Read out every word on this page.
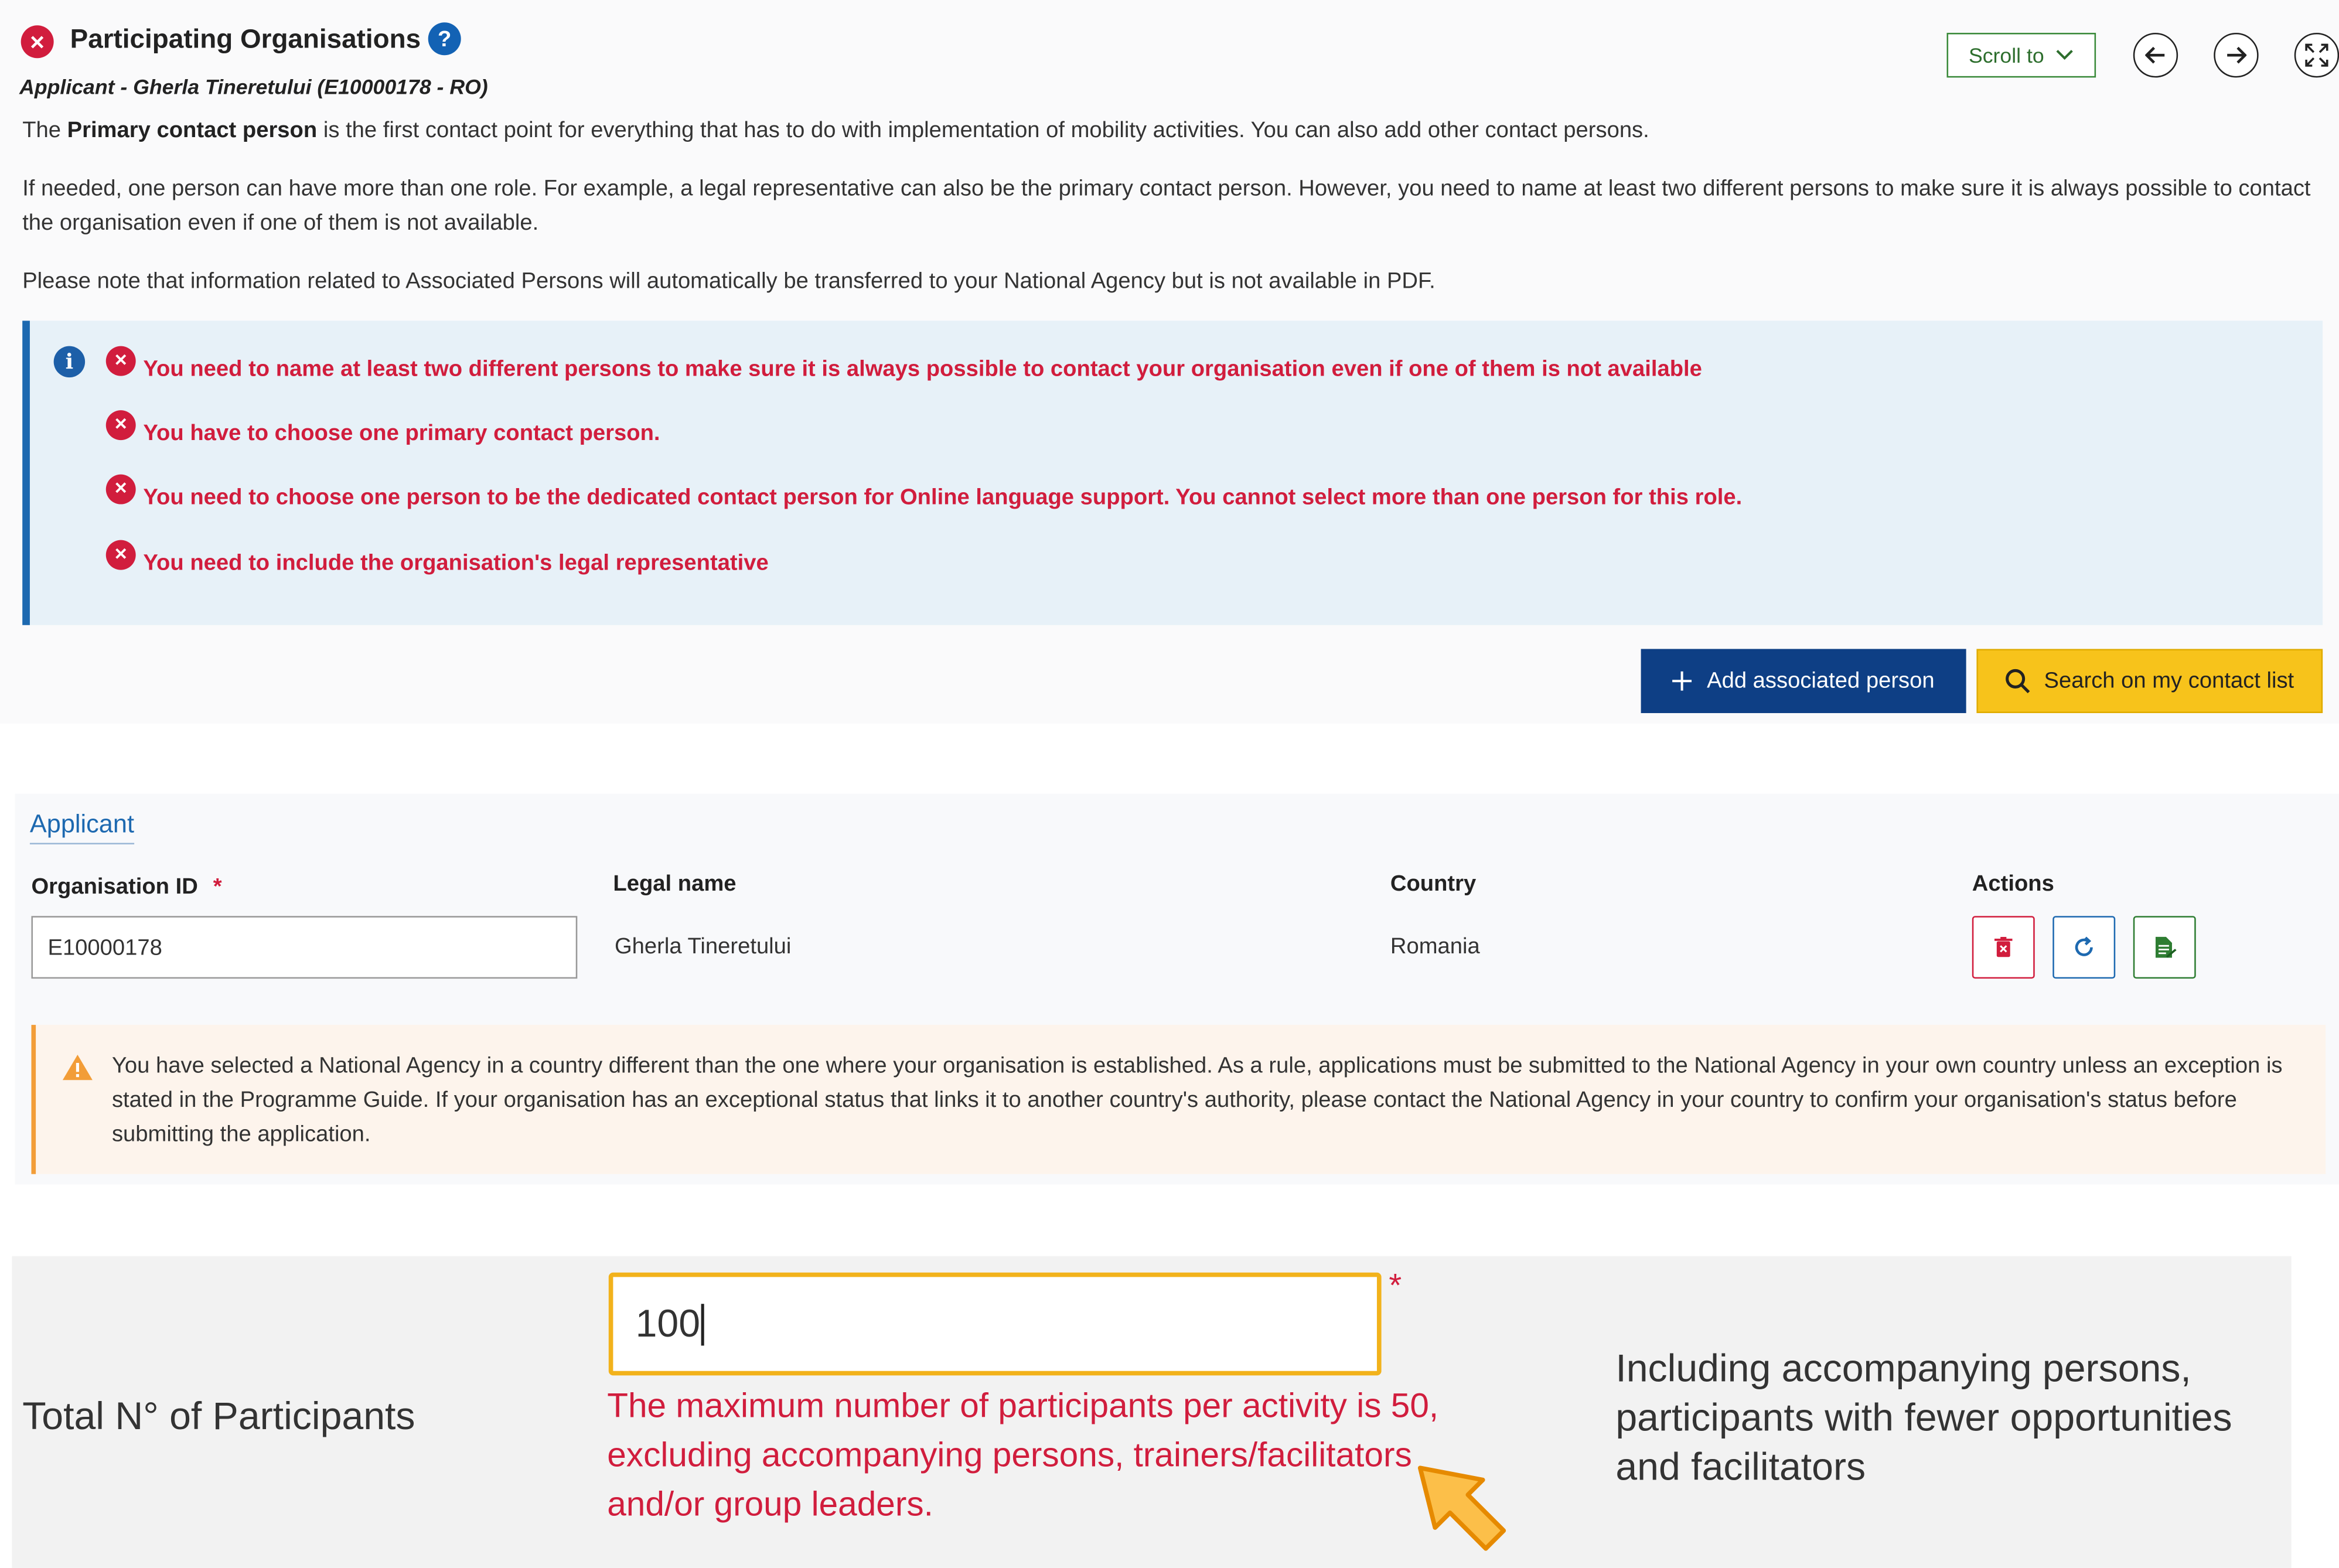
✕	Participating Organisations	?
Applicant - Gherla Tineretului (E10000178 - RO)
Scroll to
The Primary contact person is the first contact point for everything that has to do with implementation of mobility activities. You can also add other contact persons.
If needed, one person can have more than one role. For example, a legal representative can also be the primary contact person. However, you need to name at least two different persons to make sure it is always possible to contact the organisation even if one of them is not available.
Please note that information related to Associated Persons will automatically be transferred to your National Agency but is not available in PDF.
i	✕	You need to name at least two different persons to make sure it is always possible to contact your organisation even if one of them is not available
✕	You have to choose one primary contact person.
✕	You need to choose one person to be the dedicated contact person for Online language support. You cannot select more than one person for this role.
✕	You need to include the organisation's legal representative
Add associated person	Search on my contact list
Applicant
Organisation ID *	Legal name	Country	Actions
E10000178	Gherla Tineretului	Romania
You have selected a National Agency in a country different than the one where your organisation is established. As a rule, applications must be submitted to the National Agency in your own country unless an exception is stated in the Programme Guide. If your organisation has an exceptional status that links it to another country's authority, please contact the National Agency in your country to confirm your organisation's status before submitting the application.
Total N° of Participants
100
*
The maximum number of participants per activity is 50, excluding accompanying persons, trainers/facilitators and/or group leaders.
Including accompanying persons, participants with fewer opportunities and facilitators
